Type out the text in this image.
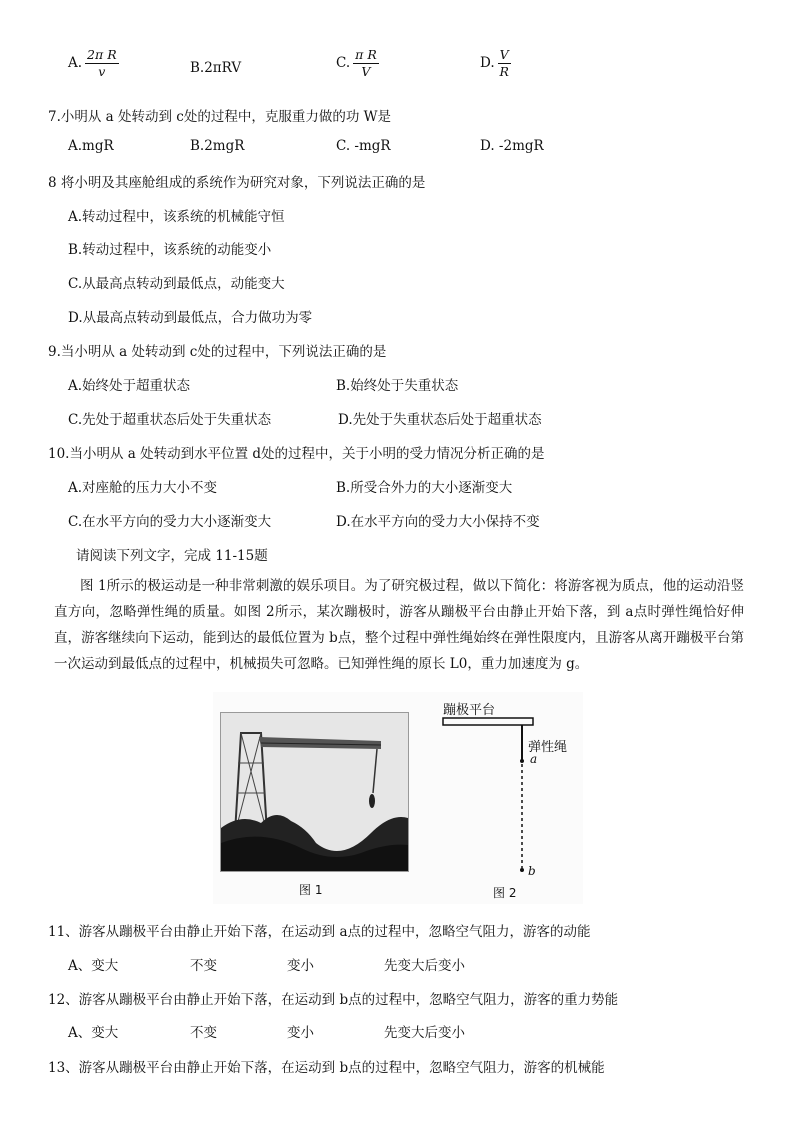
A. $\frac{\text{2π R}}{v}$	B.2πRV	C. $\frac{\text{π R}}{V}$	D. $\frac{V}{R}$
7.小明从 a 处转动到 c处的过程中，克服重力做的功 W是
A.mgR	B.2mgR	C. -mgR	D. -2mgR
8 将小明及其座舱组成的系统作为研究对象，下列说法正确的是
A.转动过程中，该系统的机械能守恒
B.转动过程中，该系统的动能变小
C.从最高点转动到最低点，动能变大
D.从最高点转动到最低点，合力做功为零
9.当小明从 a 处转动到 c处的过程中，下列说法正确的是
A.始终处于超重状态	B.始终处于失重状态
C.先处于超重状态后处于失重状态	D.先处于失重状态后处于超重状态
10.当小明从 a 处转动到水平位置 d处的过程中，关于小明的受力情况分析正确的是
A.对座舱的压力大小不变	B.所受合外力的大小逐渐变大
C.在水平方向的受力大小逐渐变大	D.在水平方向的受力大小保持不变
请阅读下列文字，完成 11-15题
图 1所示的极运动是一种非常刺激的娱乐项目。为了研究极过程，做以下简化：将游客视为质点，他的运动沿竖直方向，忽略弹性绳的质量。如图 2所示，某次蹦极时，游客从蹦极平台由静止开始下落，到 a点时弹性绳恰好伸直，游客继续向下运动，能到达的最低位置为 b点，整个过程中弹性绳始终在弹性限度内，且游客从离开蹦极平台第一次运动到最低点的过程中，机械损失可忽略。已知弹性绳的原长 L0，重力加速度为 g。
图 1
蹦极平台
弹性绳
a
b
图 2
11、游客从蹦极平台由静止开始下落，在运动到 a点的过程中，忽略空气阻力，游客的动能
A、变大	不变	变小	先变大后变小
12、游客从蹦极平台由静止开始下落，在运动到 b点的过程中，忽略空气阻力，游客的重力势能
A、变大	不变	变小	先变大后变小
13、游客从蹦极平台由静止开始下落，在运动到 b点的过程中，忽略空气阻力，游客的机械能
